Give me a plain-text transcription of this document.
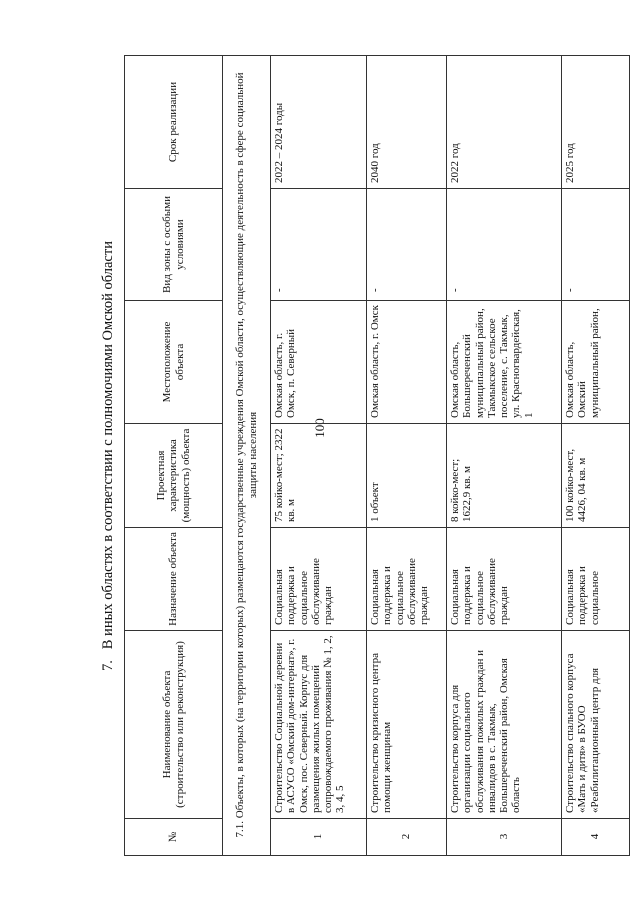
100
7.   В иных областях в соответствии с полномочиями Омской области
№	Наименование объекта (строительство или реконструкция)	Назначение объекта	Проектная характеристика (мощность) объекта	Местоположение объекта	Вид зоны с особыми условиями	Срок реализации
7.1. Объекты, в которых (на территории которых) размещаются государственные учреждения Омской области, осуществляющие деятельность в сфере социальной защиты населения						
1	Строительство Социальной деревни в АСУСО «Омский дом-интернат», г. Омск, пос. Северный. Корпус для размещения жилых помещений сопровождаемого проживания № 1, 2, 3, 4, 5	Социальная поддержка и социальное обслуживание граждан	75 койко-мест; 2322 кв. м	Омская область, г. Омск, п. Северный	-	2022 – 2024 годы
2	Строительство кризисного центра помощи женщинам	Социальная поддержка и социальное обслуживание граждан	1 объект	Омская область, г. Омск	-	2040 год
3	Строительство корпуса для организации социального обслуживания пожилых граждан и инвалидов в с. Такмык, Большереченский район, Омская область	Социальная поддержка и социальное обслуживание граждан	8 койко-мест; 1622,9 кв. м	Омская область, Большереченский муниципальный район, Такмыкское сельское поселение, с. Такмык, ул. Красногвардейская, 1	-	2022 год
4	Строительство спального корпуса «Мать и дитя» в БУОО «Реабилитационный центр для	Социальная поддержка и социальное	100 койко-мест, 4426, 04 кв. м	Омская область, Омский муниципальный район,	-	2025 год
